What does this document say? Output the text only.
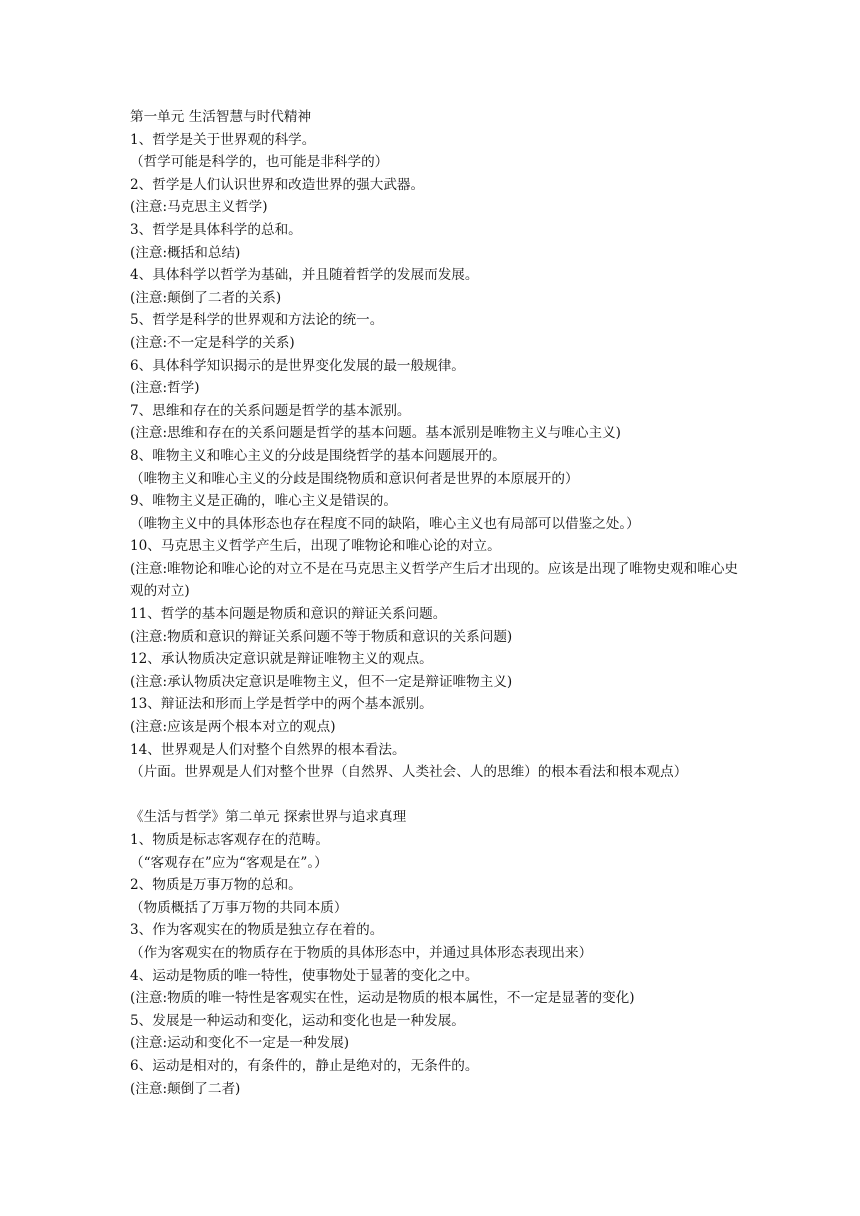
第一单元 生活智慧与时代精神
1、哲学是关于世界观的科学。
（哲学可能是科学的，也可能是非科学的）
2、哲学是人们认识世界和改造世界的强大武器。
(注意:马克思主义哲学)
3、哲学是具体科学的总和。
(注意:概括和总结)
4、具体科学以哲学为基础，并且随着哲学的发展而发展。
(注意:颠倒了二者的关系)
5、哲学是科学的世界观和方法论的统一。
(注意:不一定是科学的关系)
6、具体科学知识揭示的是世界变化发展的最一般规律。
(注意:哲学)
7、思维和存在的关系问题是哲学的基本派别。
(注意:思维和存在的关系问题是哲学的基本问题。基本派别是唯物主义与唯心主义)
8、唯物主义和唯心主义的分歧是围绕哲学的基本问题展开的。
（唯物主义和唯心主义的分歧是围绕物质和意识何者是世界的本原展开的）
9、唯物主义是正确的，唯心主义是错误的。
（唯物主义中的具体形态也存在程度不同的缺陷，唯心主义也有局部可以借鉴之处。）
10、马克思主义哲学产生后，出现了唯物论和唯心论的对立。
(注意:唯物论和唯心论的对立不是在马克思主义哲学产生后才出现的。应该是出现了唯物史观和唯心史观的对立)
11、哲学的基本问题是物质和意识的辩证关系问题。
(注意:物质和意识的辩证关系问题不等于物质和意识的关系问题)
12、承认物质决定意识就是辩证唯物主义的观点。
(注意:承认物质决定意识是唯物主义，但不一定是辩证唯物主义)
13、辩证法和形而上学是哲学中的两个基本派别。
(注意:应该是两个根本对立的观点)
14、世界观是人们对整个自然界的根本看法。
（片面。世界观是人们对整个世界（自然界、人类社会、人的思维）的根本看法和根本观点）
《生活与哲学》第二单元 探索世界与追求真理
1、物质是标志客观存在的范畴。
（“客观存在”应为“客观是在”。）
2、物质是万事万物的总和。
（物质概括了万事万物的共同本质）
3、作为客观实在的物质是独立存在着的。
（作为客观实在的物质存在于物质的具体形态中，并通过具体形态表现出来）
4、运动是物质的唯一特性，使事物处于显著的变化之中。
(注意:物质的唯一特性是客观实在性，运动是物质的根本属性，不一定是显著的变化)
5、发展是一种运动和变化，运动和变化也是一种发展。
(注意:运动和变化不一定是一种发展)
6、运动是相对的，有条件的，静止是绝对的，无条件的。
(注意:颠倒了二者)
